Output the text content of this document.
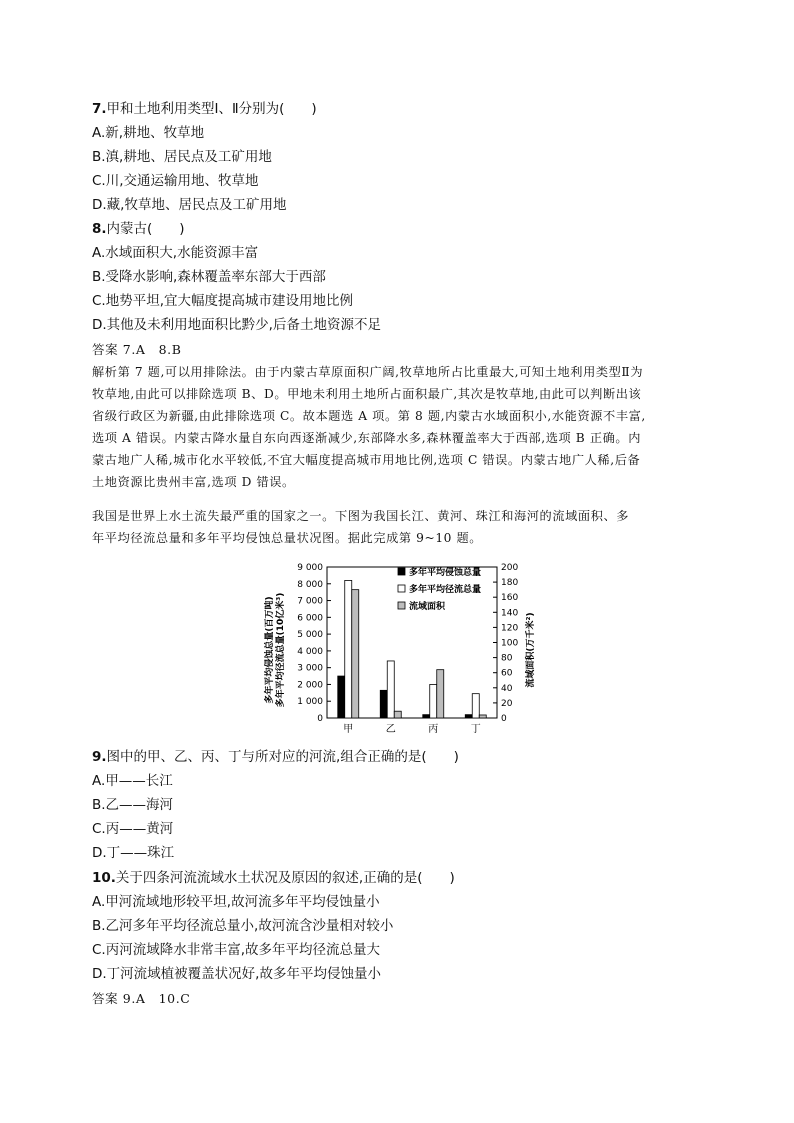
7.甲和土地利用类型Ⅰ、Ⅱ分别为(　　)
A.新,耕地、牧草地
B.滇,耕地、居民点及工矿用地
C.川,交通运输用地、牧草地
D.藏,牧草地、居民点及工矿用地
8.内蒙古(　　)
A.水域面积大,水能资源丰富
B.受降水影响,森林覆盖率东部大于西部
C.地势平坦,宜大幅度提高城市建设用地比例
D.其他及未利用地面积比黔少,后备土地资源不足
答案 7.A　8.B

解析第 7 题,可以用排除法。由于内蒙古草原面积广阔,牧草地所占比重最大,可知土地利用类型Ⅱ为

牧草地,由此可以排除选项 B、D。甲地未利用土地所占面积最广,其次是牧草地,由此可以判断出该

省级行政区为新疆,由此排除选项 C。故本题选 A 项。第 8 题,内蒙古水域面积小,水能资源不丰富,

选项 A 错误。内蒙古降水量自东向西逐渐减少,东部降水多,森林覆盖率大于西部,选项 B 正确。内

蒙古地广人稀,城市化水平较低,不宜大幅度提高城市用地比例,选项 C 错误。内蒙古地广人稀,后备

土地资源比贵州丰富,选项 D 错误。

我国是世界上水土流失最严重的国家之一。下图为我国长江、黄河、珠江和海河的流域面积、多

年平均径流总量和多年平均侵蚀总量状况图。据此完成第 9~10 题。

多年平均侵蚀总量(百万吨) 多年平均径流总量(10亿米³)	流域面积(万千米²)
0
1 000
2 000
3 000
4 000
5 000
6 000
7 000
8 000
9 000
0
20
40
60
80
100
120
140
160
180
200
甲	乙	丙	丁
多年平均侵蚀总量
多年平均径流总量
流域面积
9.图中的甲、乙、丙、丁与所对应的河流,组合正确的是(　　)
A.甲——长江
B.乙——海河
C.丙——黄河
D.丁——珠江
10.关于四条河流流域水土状况及原因的叙述,正确的是(　　)
A.甲河流域地形较平坦,故河流多年平均侵蚀量小
B.乙河多年平均径流总量小,故河流含沙量相对较小
C.丙河流域降水非常丰富,故多年平均径流总量大
D.丁河流域植被覆盖状况好,故多年平均侵蚀量小
答案 9.A　10.C
